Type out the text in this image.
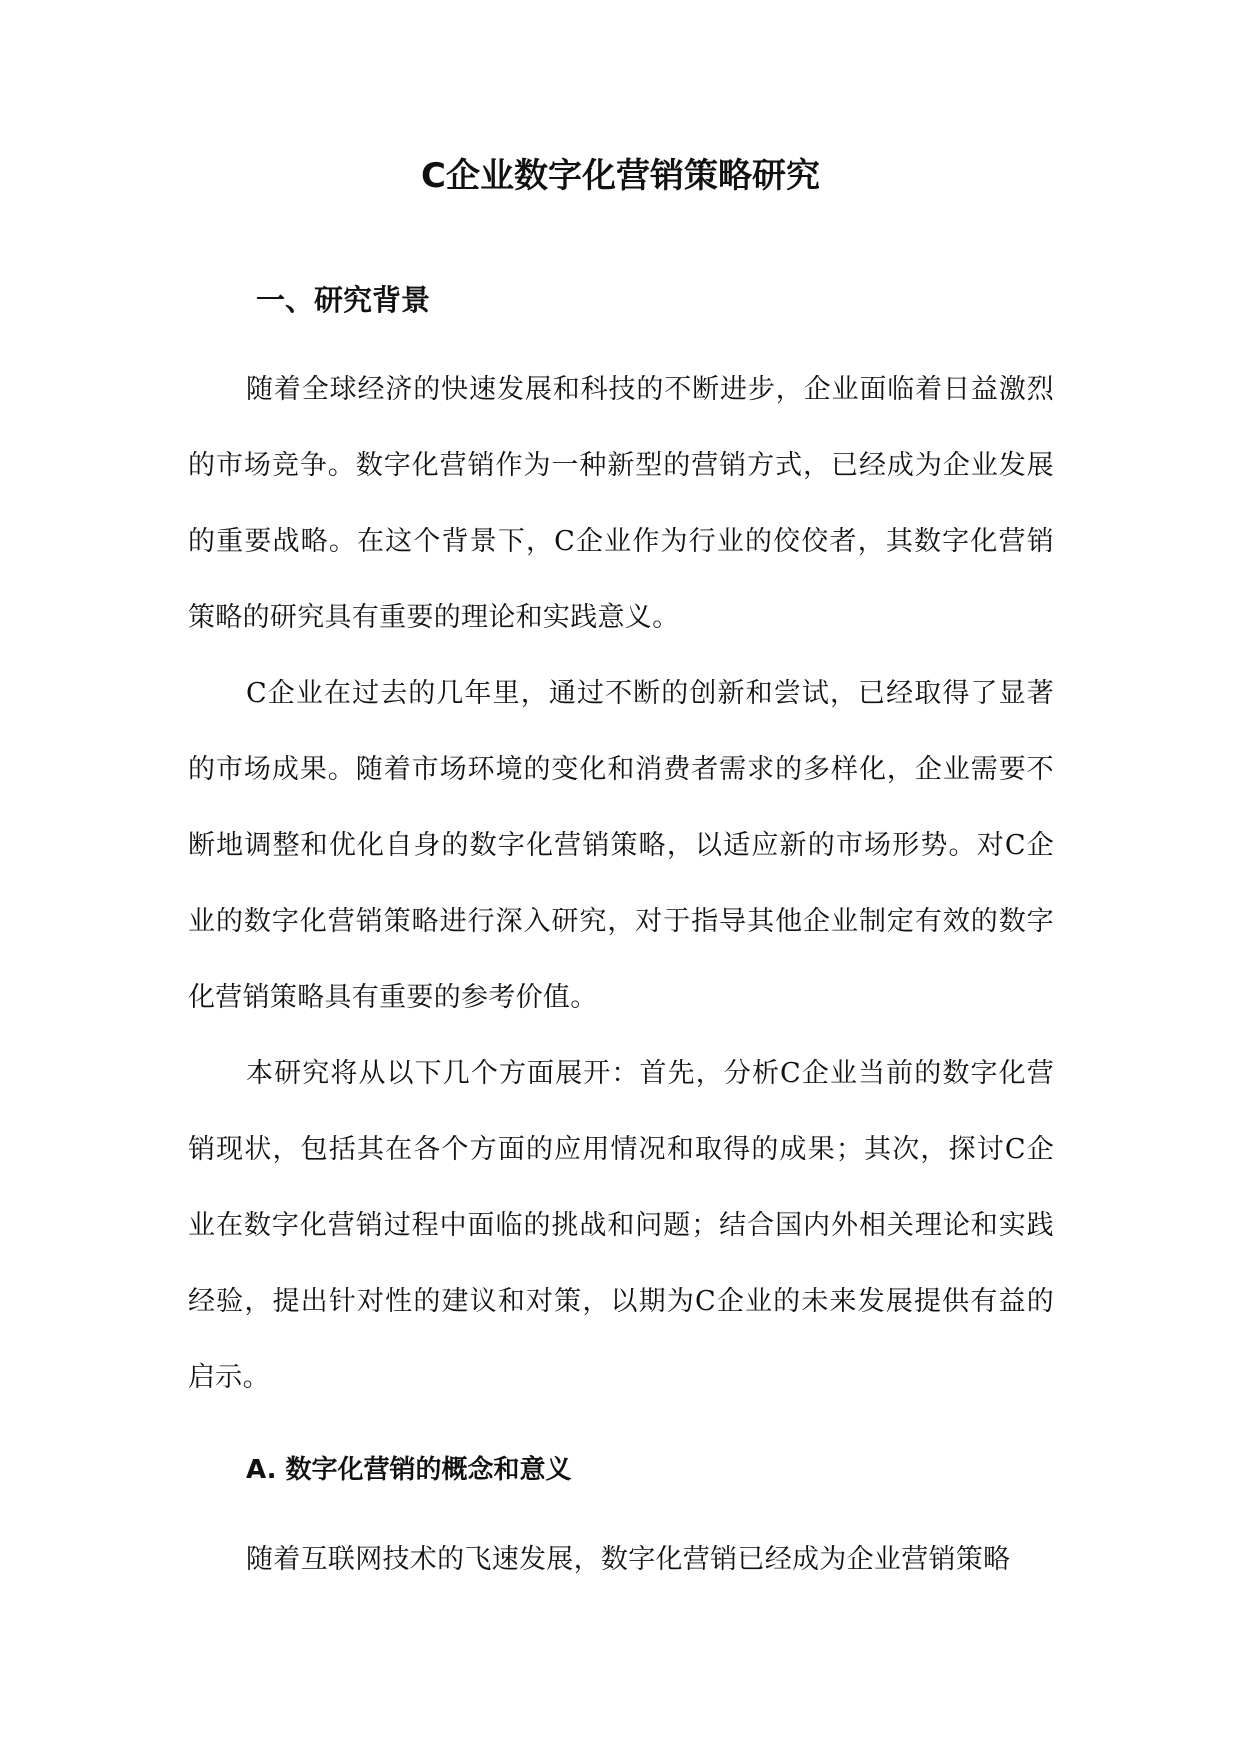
C企业数字化营销策略研究
一、研究背景

随着全球经济的快速发展和科技的不断进步，企业面临着日益激烈的市场竞争。数字化营销作为一种新型的营销方式，已经成为企业发展的重要战略。在这个背景下，C企业作为行业的佼佼者，其数字化营销策略的研究具有重要的理论和实践意义。

C企业在过去的几年里，通过不断的创新和尝试，已经取得了显著的市场成果。随着市场环境的变化和消费者需求的多样化，企业需要不断地调整和优化自身的数字化营销策略，以适应新的市场形势。对C企业的数字化营销策略进行深入研究，对于指导其他企业制定有效的数字化营销策略具有重要的参考价值。

本研究将从以下几个方面展开：首先，分析C企业当前的数字化营销现状，包括其在各个方面的应用情况和取得的成果；其次，探讨C企业在数字化营销过程中面临的挑战和问题；结合国内外相关理论和实践经验，提出针对性的建议和对策，以期为C企业的未来发展提供有益的启示。

A. 数字化营销的概念和意义

随着互联网技术的飞速发展，数字化营销已经成为企业营销策略
